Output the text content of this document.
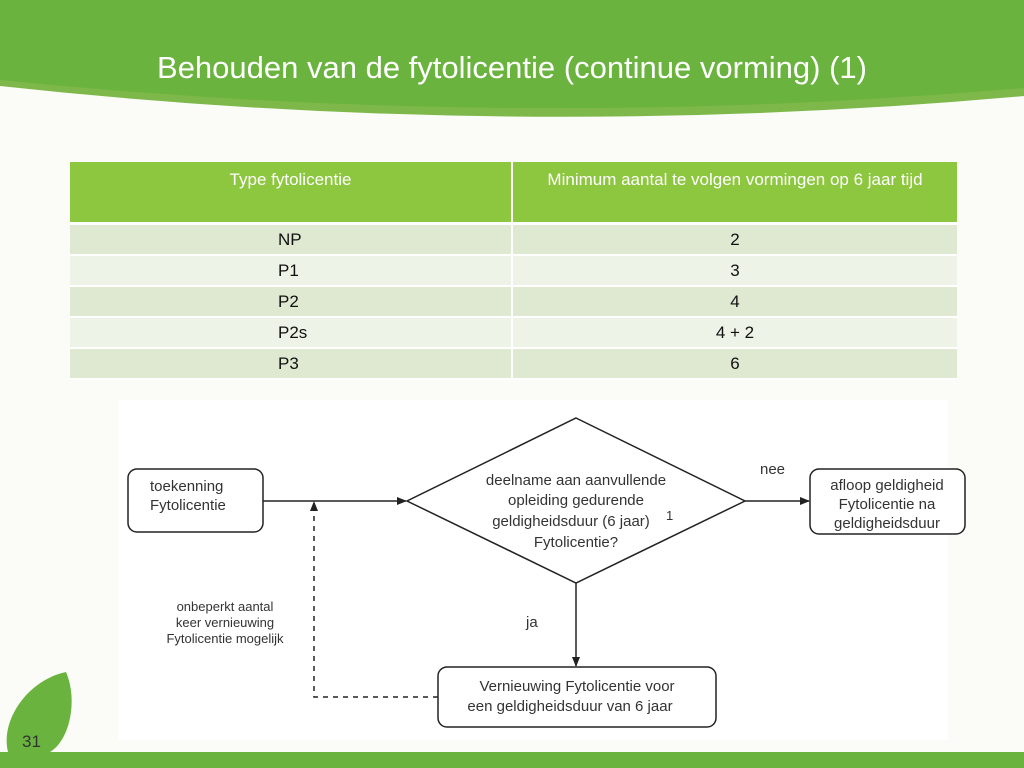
Behouden van de fytolicentie (continue vorming) (1)
Type fytolicentie	Minimum aantal te volgen vormingen op 6 jaar tijd
NP	2
P1	3
P2	4
P2s	4 + 2
P3	6
toekenning
Fytolicentie
deelname aan aanvullende
opleiding gedurende
geldigheidsduur (6 jaar) 1
Fytolicentie?
nee
afloop geldigheid
Fytolicentie na
geldigheidsduur
ja
Vernieuwing Fytolicentie voor
een geldigheidsduur van 6 jaar
onbeperkt aantal
keer vernieuwing
Fytolicentie mogelijk
31
